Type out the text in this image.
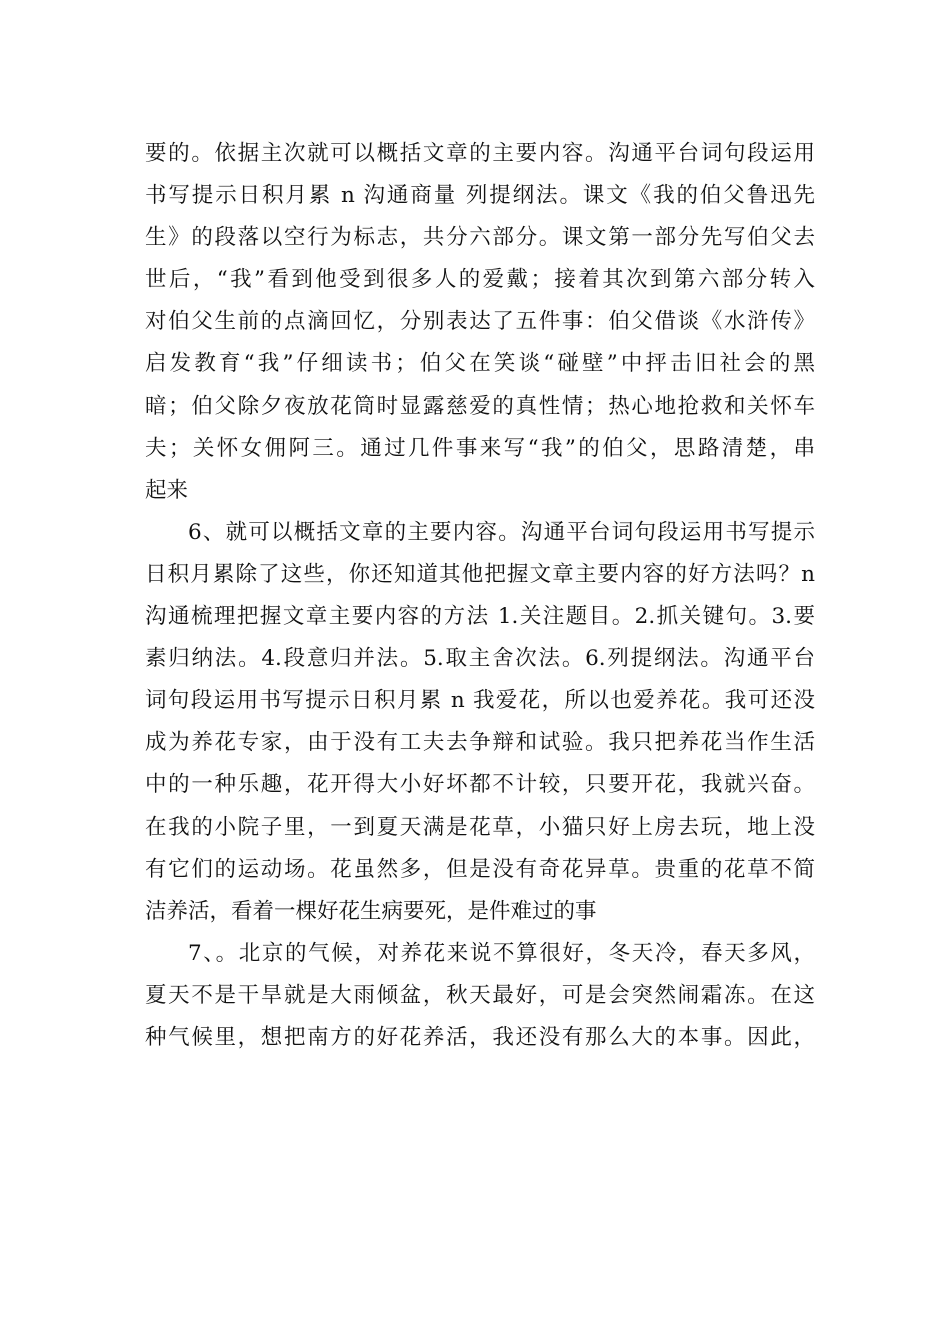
要的。依据主次就可以概括文章的主要内容。沟通平台词句段运用
书写提示日积月累 n 沟通商量 列提纲法。课文《我的伯父鲁迅先
生》的段落以空行为标志，共分六部分。课文第一部分先写伯父去
世后，“我”看到他受到很多人的爱戴；接着其次到第六部分转入
对伯父生前的点滴回忆，分别表达了五件事：伯父借谈《水浒传》
启发教育“我”仔细读书；伯父在笑谈“碰壁”中抨击旧社会的黑
暗；伯父除夕夜放花筒时显露慈爱的真性情；热心地抢救和关怀车
夫；关怀女佣阿三。通过几件事来写“我”的伯父，思路清楚，串
起来
6、就可以概括文章的主要内容。沟通平台词句段运用书写提示
日积月累除了这些，你还知道其他把握文章主要内容的好方法吗？n
沟通梳理把握文章主要内容的方法 1.关注题目。2.抓关键句。3.要
素归纳法。4.段意归并法。5.取主舍次法。6.列提纲法。沟通平台
词句段运用书写提示日积月累 n 我爱花，所以也爱养花。我可还没
成为养花专家，由于没有工夫去争辩和试验。我只把养花当作生活
中的一种乐趣，花开得大小好坏都不计较，只要开花，我就兴奋。
在我的小院子里，一到夏天满是花草，小猫只好上房去玩，地上没
有它们的运动场。花虽然多，但是没有奇花异草。贵重的花草不简
洁养活，看着一棵好花生病要死，是件难过的事
7、。北京的气候，对养花来说不算很好，冬天冷，春天多风，
夏天不是干旱就是大雨倾盆，秋天最好，可是会突然闹霜冻。在这
种气候里，想把南方的好花养活，我还没有那么大的本事。因此，
